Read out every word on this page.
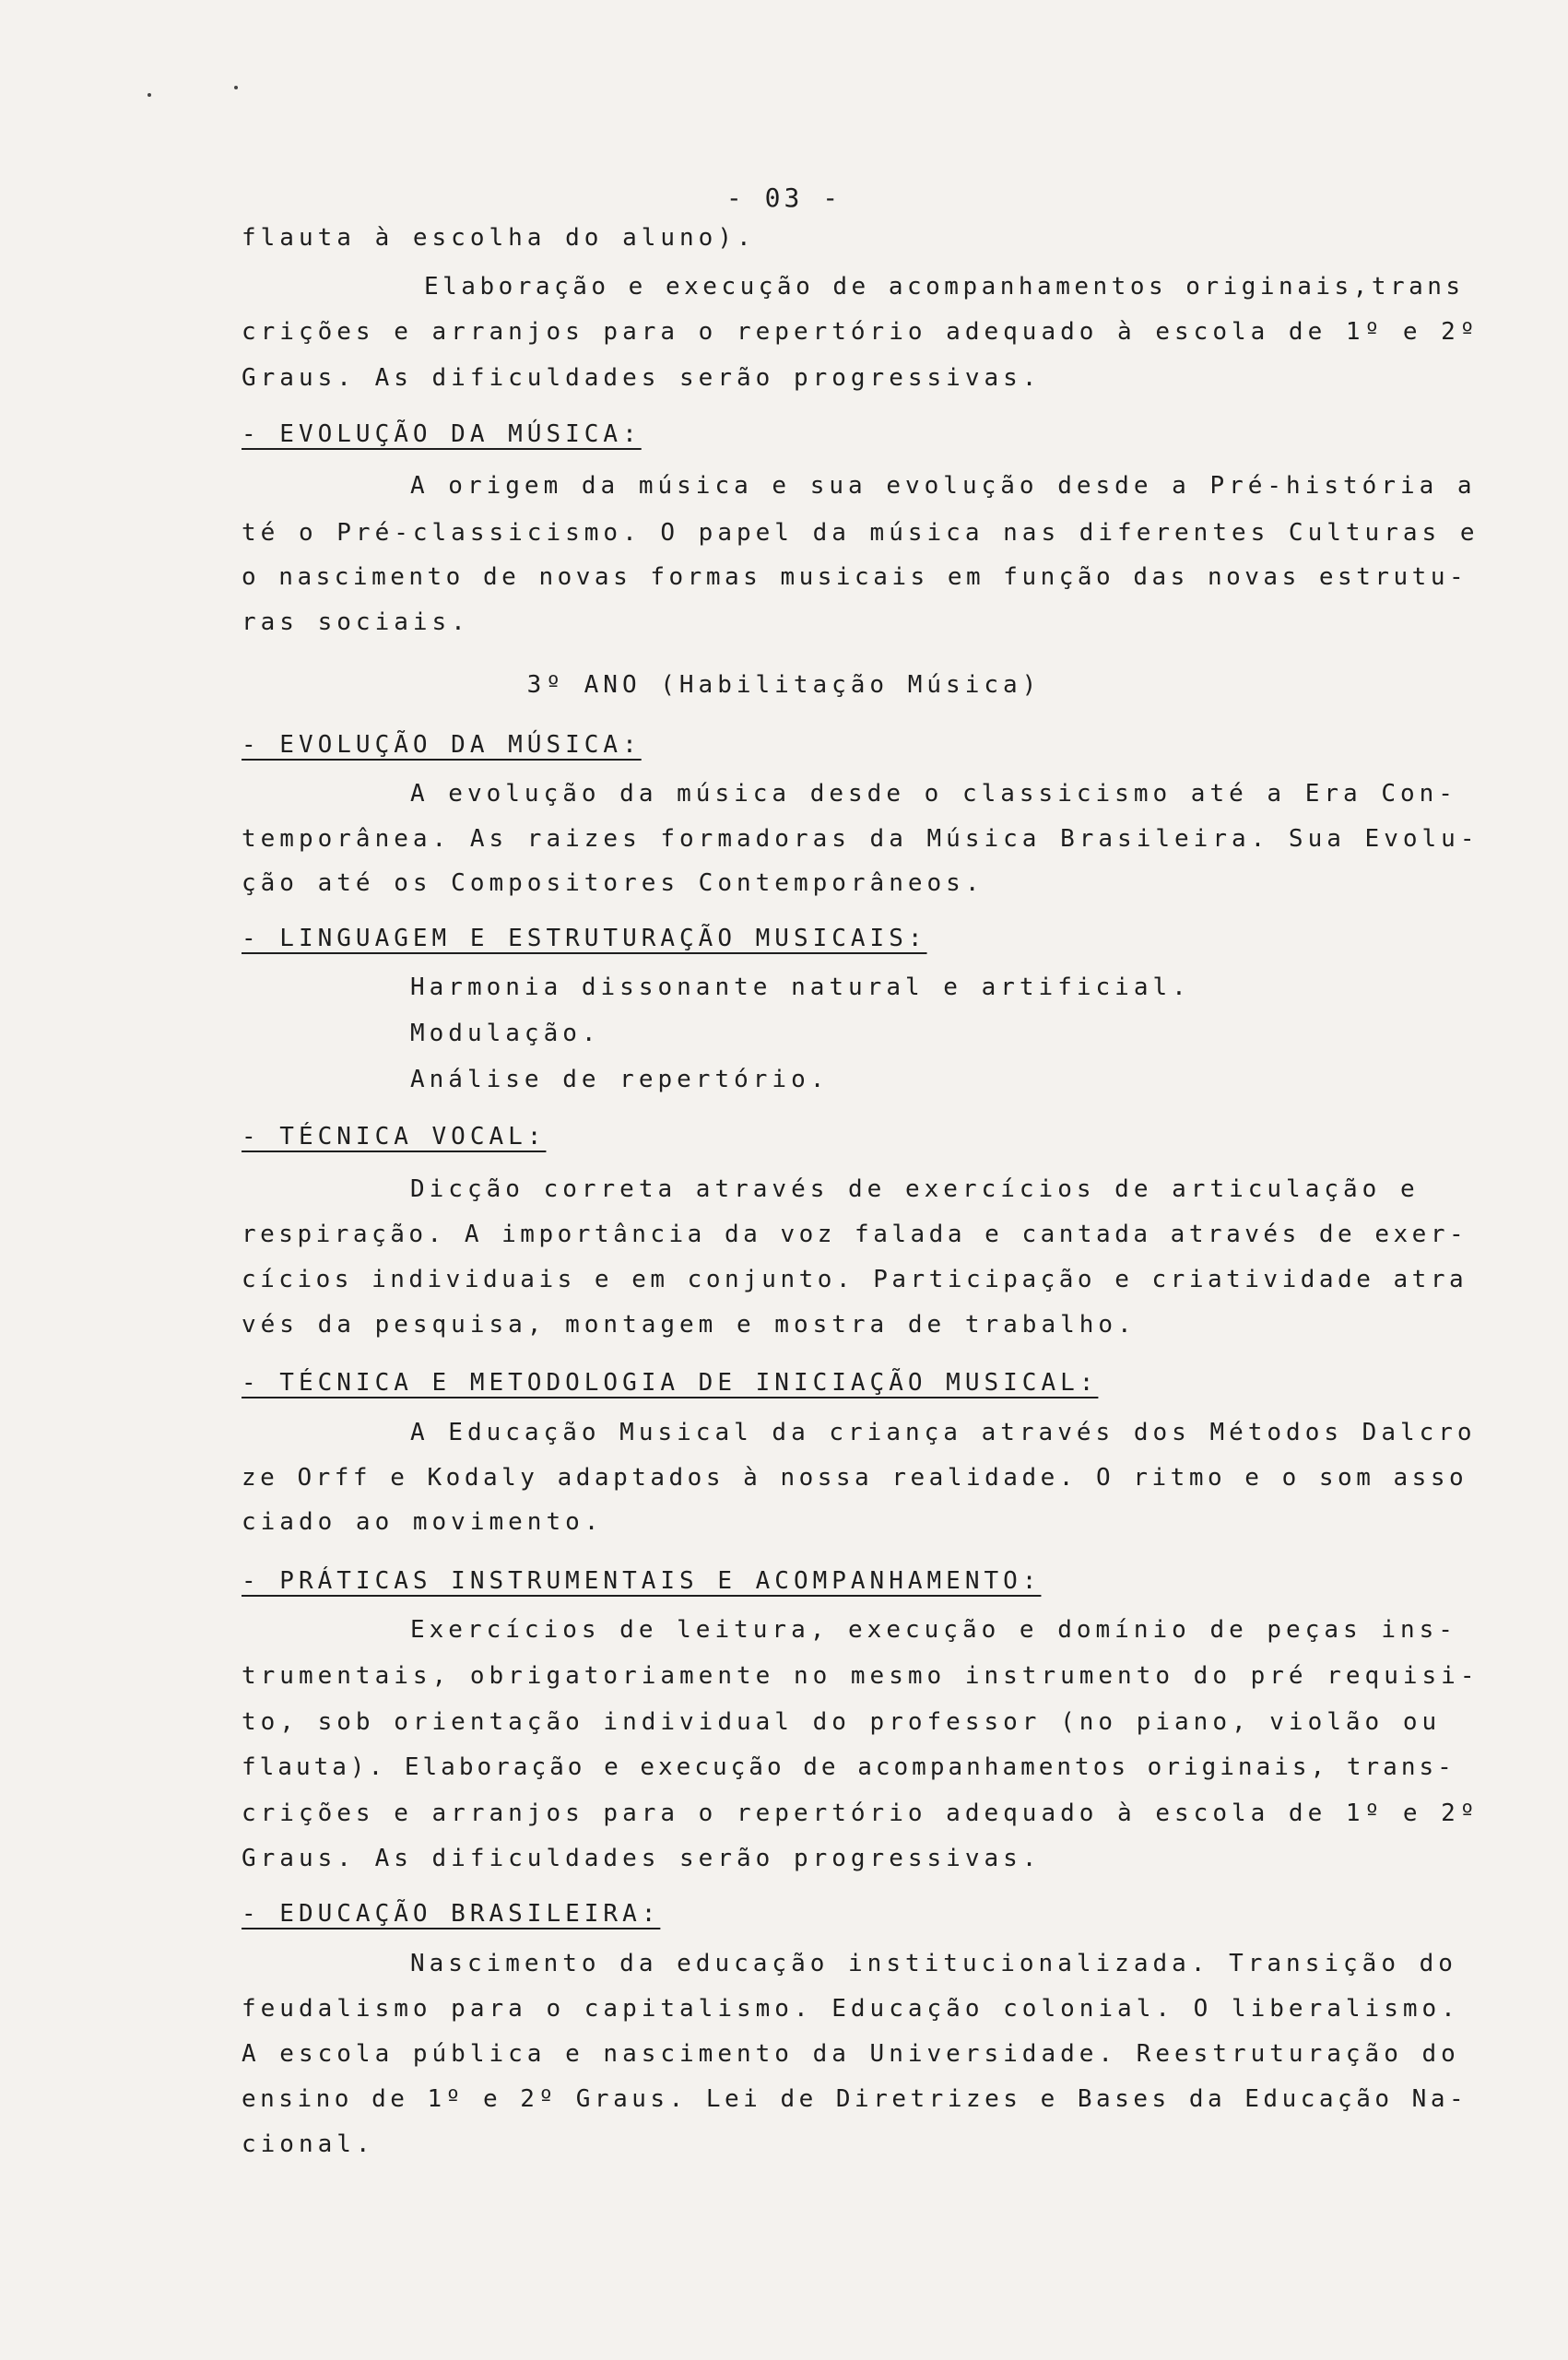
- 03 -
flauta à escolha do aluno).
Elaboração e execução de acompanhamentos originais,trans
crições e arranjos para o repertório adequado à escola de 1º e 2º
Graus. As dificuldades serão progressivas.
- EVOLUÇÃO DA MÚSICA:
A origem da música e sua evolução desde a Pré-história a
té o Pré-classicismo. O papel da música nas diferentes Culturas e
o nascimento de novas formas musicais em função das novas estrutu-
ras sociais.
3º ANO (Habilitação Música)
- EVOLUÇÃO DA MÚSICA:
A evolução da música desde o classicismo até a Era Con-
temporânea. As raizes formadoras da Música Brasileira. Sua Evolu-
ção até os Compositores Contemporâneos.
- LINGUAGEM E ESTRUTURAÇÃO MUSICAIS:
Harmonia dissonante natural e artificial.
Modulação.
Análise de repertório.
- TÉCNICA VOCAL:
Dicção correta através de exercícios de articulação e
respiração. A importância da voz falada e cantada através de exer-
cícios individuais e em conjunto. Participação e criatividade atra
vés da pesquisa, montagem e mostra de trabalho.
- TÉCNICA E METODOLOGIA DE INICIAÇÃO MUSICAL:
A Educação Musical da criança através dos Métodos Dalcro
ze Orff e Kodaly adaptados à nossa realidade. O ritmo e o som asso
ciado ao movimento.
- PRÁTICAS INSTRUMENTAIS E ACOMPANHAMENTO:
Exercícios de leitura, execução e domínio de peças ins-
trumentais, obrigatoriamente no mesmo instrumento do pré requisi-
to, sob orientação individual do professor (no piano, violão ou
flauta). Elaboração e execução de acompanhamentos originais, trans-
crições e arranjos para o repertório adequado à escola de 1º e 2º
Graus. As dificuldades serão progressivas.
- EDUCAÇÃO BRASILEIRA:
Nascimento da educação institucionalizada. Transição do
feudalismo para o capitalismo. Educação colonial. O liberalismo.
A escola pública e nascimento da Universidade. Reestruturação do
ensino de 1º e 2º Graus. Lei de Diretrizes e Bases da Educação Na-
cional.
